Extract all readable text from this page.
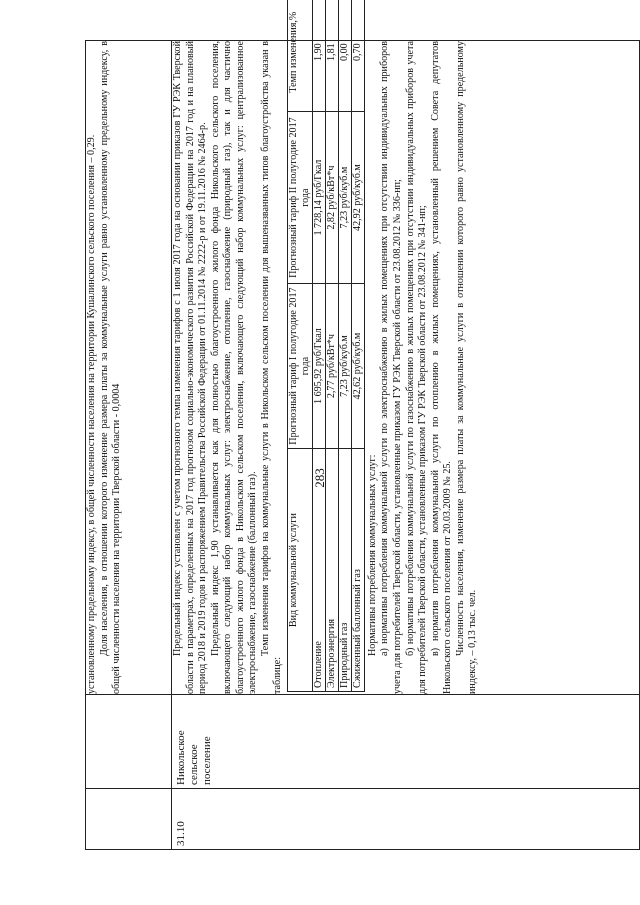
283

установленному предельному индексу, в общей численности населения на территории Кушалинского сельского поселения – 0,29. Доля населения, в отношении которого изменение размера платы за коммунальные услуги равно установленному предельному индексу, в общей численности населения на территории Тверской области - 0,0004

31.10

Никольское сельское поселение

Предельный индекс установлен с учетом прогнозного темпа изменения тарифов с 1 июля 2017 года на основании приказов ГУ РЭК Тверской области в параметрах, определенных на 2017 год прогнозом социально-экономического развития Российской Федерации на 2017 год и на плановый период 2018 и 2019 годов и распоряжением Правительства Российской Федерации от 01.11.2014 № 2222-р и от 19.11.2016 № 2464-р. Предельный индекс 1,90 устанавливается как для полностью благоустроенного жилого фонда Никольского сельского поселения, включающего следующий набор коммунальных услуг: электроснабжение, отопление, газоснабжение (природный газ), так и для частично благоустроенного жилого фонда в Никольском сельском поселении, включающего следующий набор коммунальных услуг: централизованное электроснабжение, газоснабжение (баллонный газ). Темп изменения тарифов на коммунальные услуги в Никольском сельском поселении для вышеназванных типов благоустройства указан в таблице:

Вид коммунальной услуги	Прогнозный тариф I полугодие 2017 года	Прогнозный тариф II полугодие 2017 года	Темп изменения,%
Отопление	1 695,92 руб/Гкал	1 728,14 руб/Гкал	1,90
Электроэнергия	2,77 руб/кВт*ч	2,82 руб/кВт*ч	1,81
Природный газ	7,23 руб/куб.м	7,23 руб/куб.м	0,00
Сжиженный баллонный газ	42,62 руб/куб.м	42,92 руб/куб.м	0,70

Нормативы потребления коммунальных услуг: а) нормативы потребления коммунальной услуги по электроснабжению в жилых помещениях при отсутствии индивидуальных приборов учета для потребителей Тверской области, установленные приказом ГУ РЭК Тверской области от 23.08.2012 № 336-нп; б) нормативы потребления коммунальной услуги по газоснабжению в жилых помещениях при отсутствии индивидуальных приборов учета для потребителей Тверской области, установленные приказом ГУ РЭК Тверской области от 23.08.2012 № 341-нп; в) норматив потребления коммунальной услуги по отоплению в жилых помещениях, установленный решением Совета депутатов Никольского сельского поселения от 20.03.2009 № 25. Численность населения, изменение размера платы за коммунальные услуги в отношении которого равно установленному предельному индексу, – 0,13 тыс. чел.
